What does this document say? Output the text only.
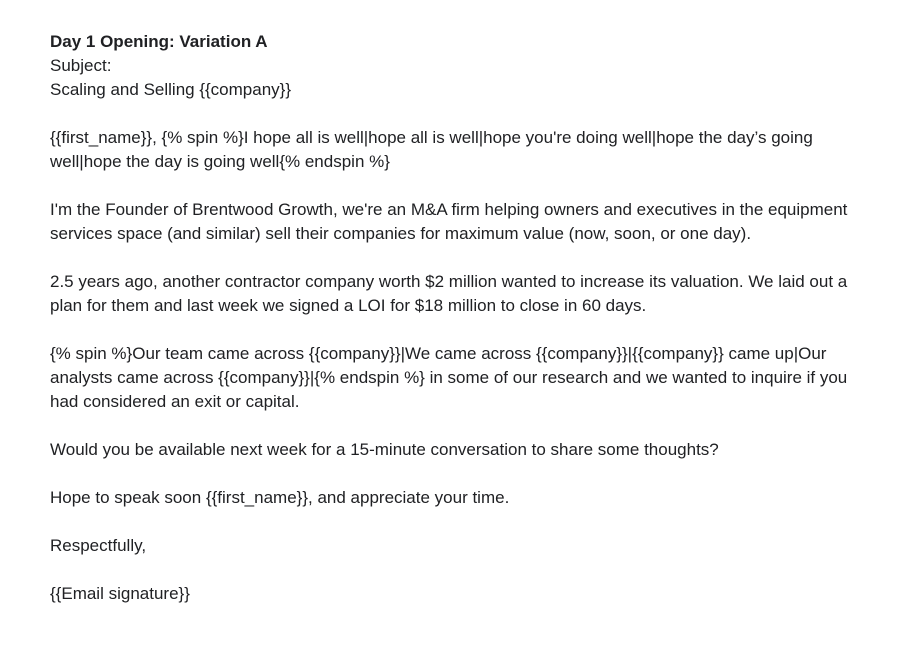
Day 1 Opening: Variation A

Subject:

Scaling and Selling {{company}}

{{first_name}}, {% spin %}I hope all is well|hope all is well|hope you're doing well|hope the day’s going well|hope the day is going well{% endspin %}

I'm the Founder of Brentwood Growth, we're an M&A firm helping owners and executives in the equipment services space (and similar) sell their companies for maximum value (now, soon, or one day).

2.5 years ago, another contractor company worth $2 million wanted to increase its valuation. We laid out a plan for them and last week we signed a LOI for $18 million to close in 60 days.

{% spin %}Our team came across {{company}}|We came across {{company}}|{{company}} came up|Our analysts came across {{company}}|{% endspin %} in some of our research and we wanted to inquire if you had considered an exit or capital.

Would you be available next week for a 15-minute conversation to share some thoughts?

Hope to speak soon {{first_name}}, and appreciate your time.

Respectfully,

{{Email signature}}
